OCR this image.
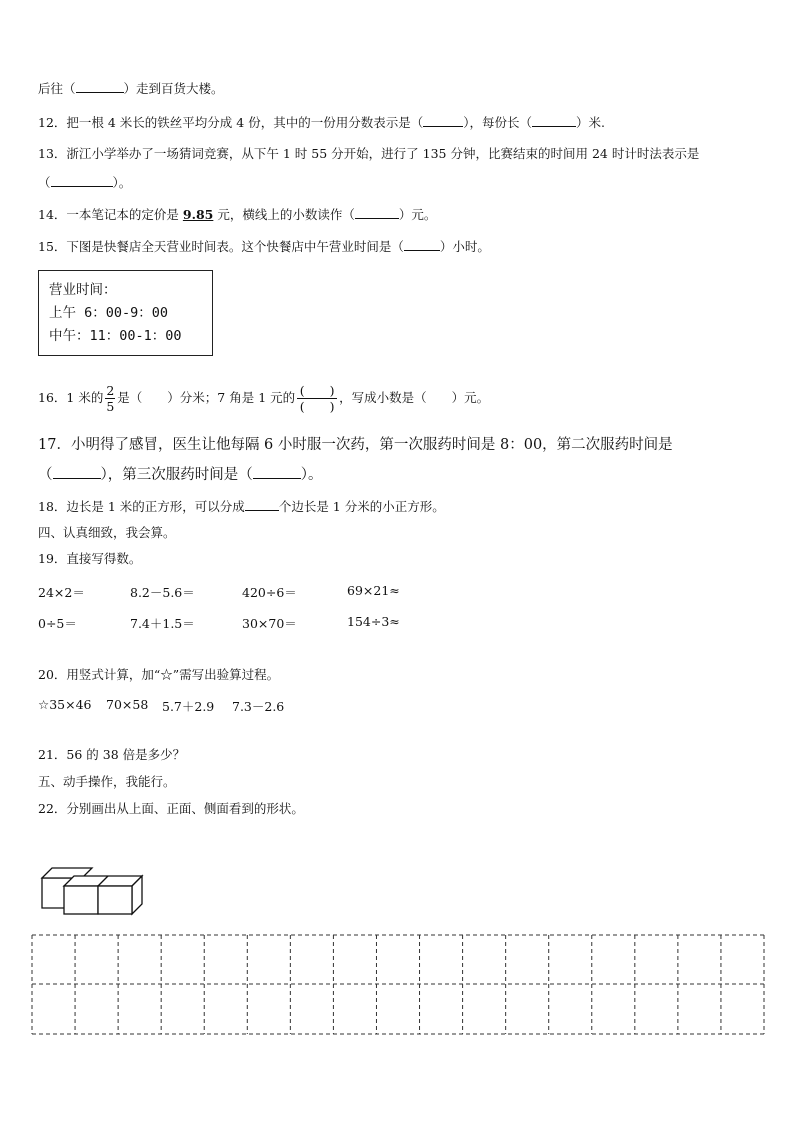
后往（	）走到百货大楼。
12．把一根 4 米长的铁丝平均分成 4 份，其中的一份用分数表示是（	），每份长（	）米.
13．浙江小学举办了一场猜词竞赛，从下午 1 时 55 分开始，进行了 135 分钟，比赛结束的时间用 24 时计时法表示是
（	）。
14．一本笔记本的定价是 9.85 元，横线上的小数读作（	）元。
15．下图是快餐店全天营业时间表。这个快餐店中午营业时间是（	）小时。
营业时间：
上午 6：00-9：00
中午：11：00-1：00
16．1 米的 $\frac{2}{5}$ 是（　　）分米；7 角是 1 元的 $\frac{( )}{( )}$ ，写成小数是（　　）元。
17．小明得了感冒，医生让他每隔 6 小时服一次药，第一次服药时间是 8：00，第二次服药时间是
（	），第三次服药时间是（	）。
18．边长是 1 米的正方形，可以分成	个边长是 1 分米的小正方形。
四、认真细致，我会算。
19．直接写得数。
24×2＝	8.2－5.6＝	420÷6＝	69×21≈
0÷5＝	7.4＋1.5＝	30×70＝	154÷3≈
20．用竖式计算，加“☆”需写出验算过程。
☆35×46 70×58 5.7＋2.9 7.3－2.6
21．56 的 38 倍是多少？
五、动手操作，我能行。
22．分别画出从上面、正面、侧面看到的形状。
